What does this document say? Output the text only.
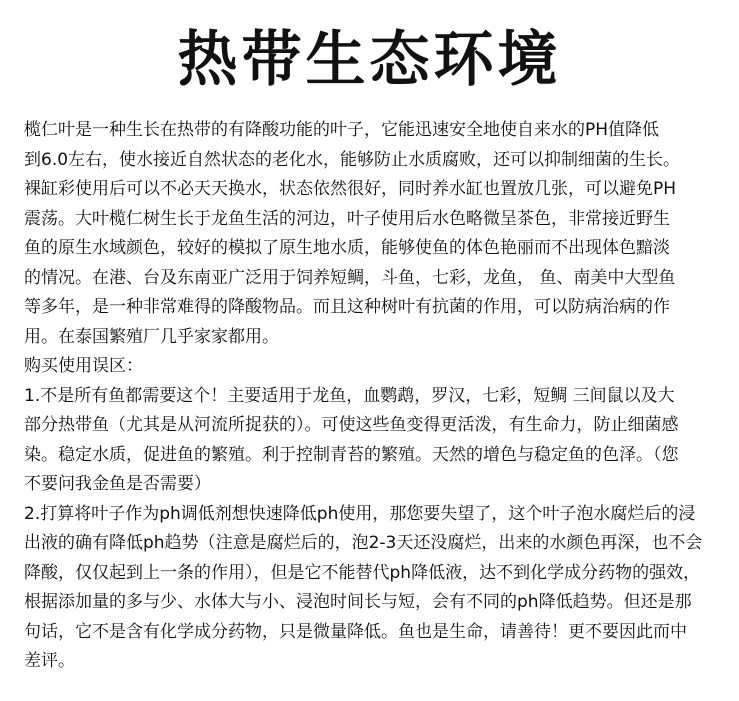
热带生态环境
榄仁叶是一种生长在热带的有降酸功能的叶子，它能迅速安全地使自来水的PH值降低
到6.0左右，使水接近自然状态的老化水，能够防止水质腐败，还可以抑制细菌的生长。
裸缸彩使用后可以不必天天换水，状态依然很好，同时养水缸也置放几张，可以避免PH
震荡。大叶榄仁树生长于龙鱼生活的河边，叶子使用后水色略微呈茶色，非常接近野生
鱼的原生水域颜色，较好的模拟了原生地水质，能够使鱼的体色艳丽而不出现体色黯淡
的情况。在港、台及东南亚广泛用于饲养短鲷，斗鱼，七彩，龙鱼， 鱼、南美中大型鱼
等多年，是一种非常难得的降酸物品。而且这种树叶有抗菌的作用，可以防病治病的作
用。在泰国繁殖厂几乎家家都用。
购买使用误区：
1.不是所有鱼都需要这个！主要适用于龙鱼，血鹦鹉，罗汉，七彩，短鲷 三间鼠以及大
部分热带鱼（尤其是从河流所捉获的）。可使这些鱼变得更活泼，有生命力，防止细菌感
染。稳定水质，促进鱼的繁殖。利于控制青苔的繁殖。天然的增色与稳定鱼的色泽。（您
不要问我金鱼是否需要）
2.打算将叶子作为ph调低剂想快速降低ph使用，那您要失望了，这个叶子泡水腐烂后的浸
出液的确有降低ph趋势（注意是腐烂后的，泡2-3天还没腐烂，出来的水颜色再深，也不会
降酸，仅仅起到上一条的作用），但是它不能替代ph降低液，达不到化学成分药物的强效，
根据添加量的多与少、水体大与小、浸泡时间长与短，会有不同的ph降低趋势。但还是那
句话，它不是含有化学成分药物，只是微量降低。鱼也是生命，请善待！更不要因此而中
差评。
